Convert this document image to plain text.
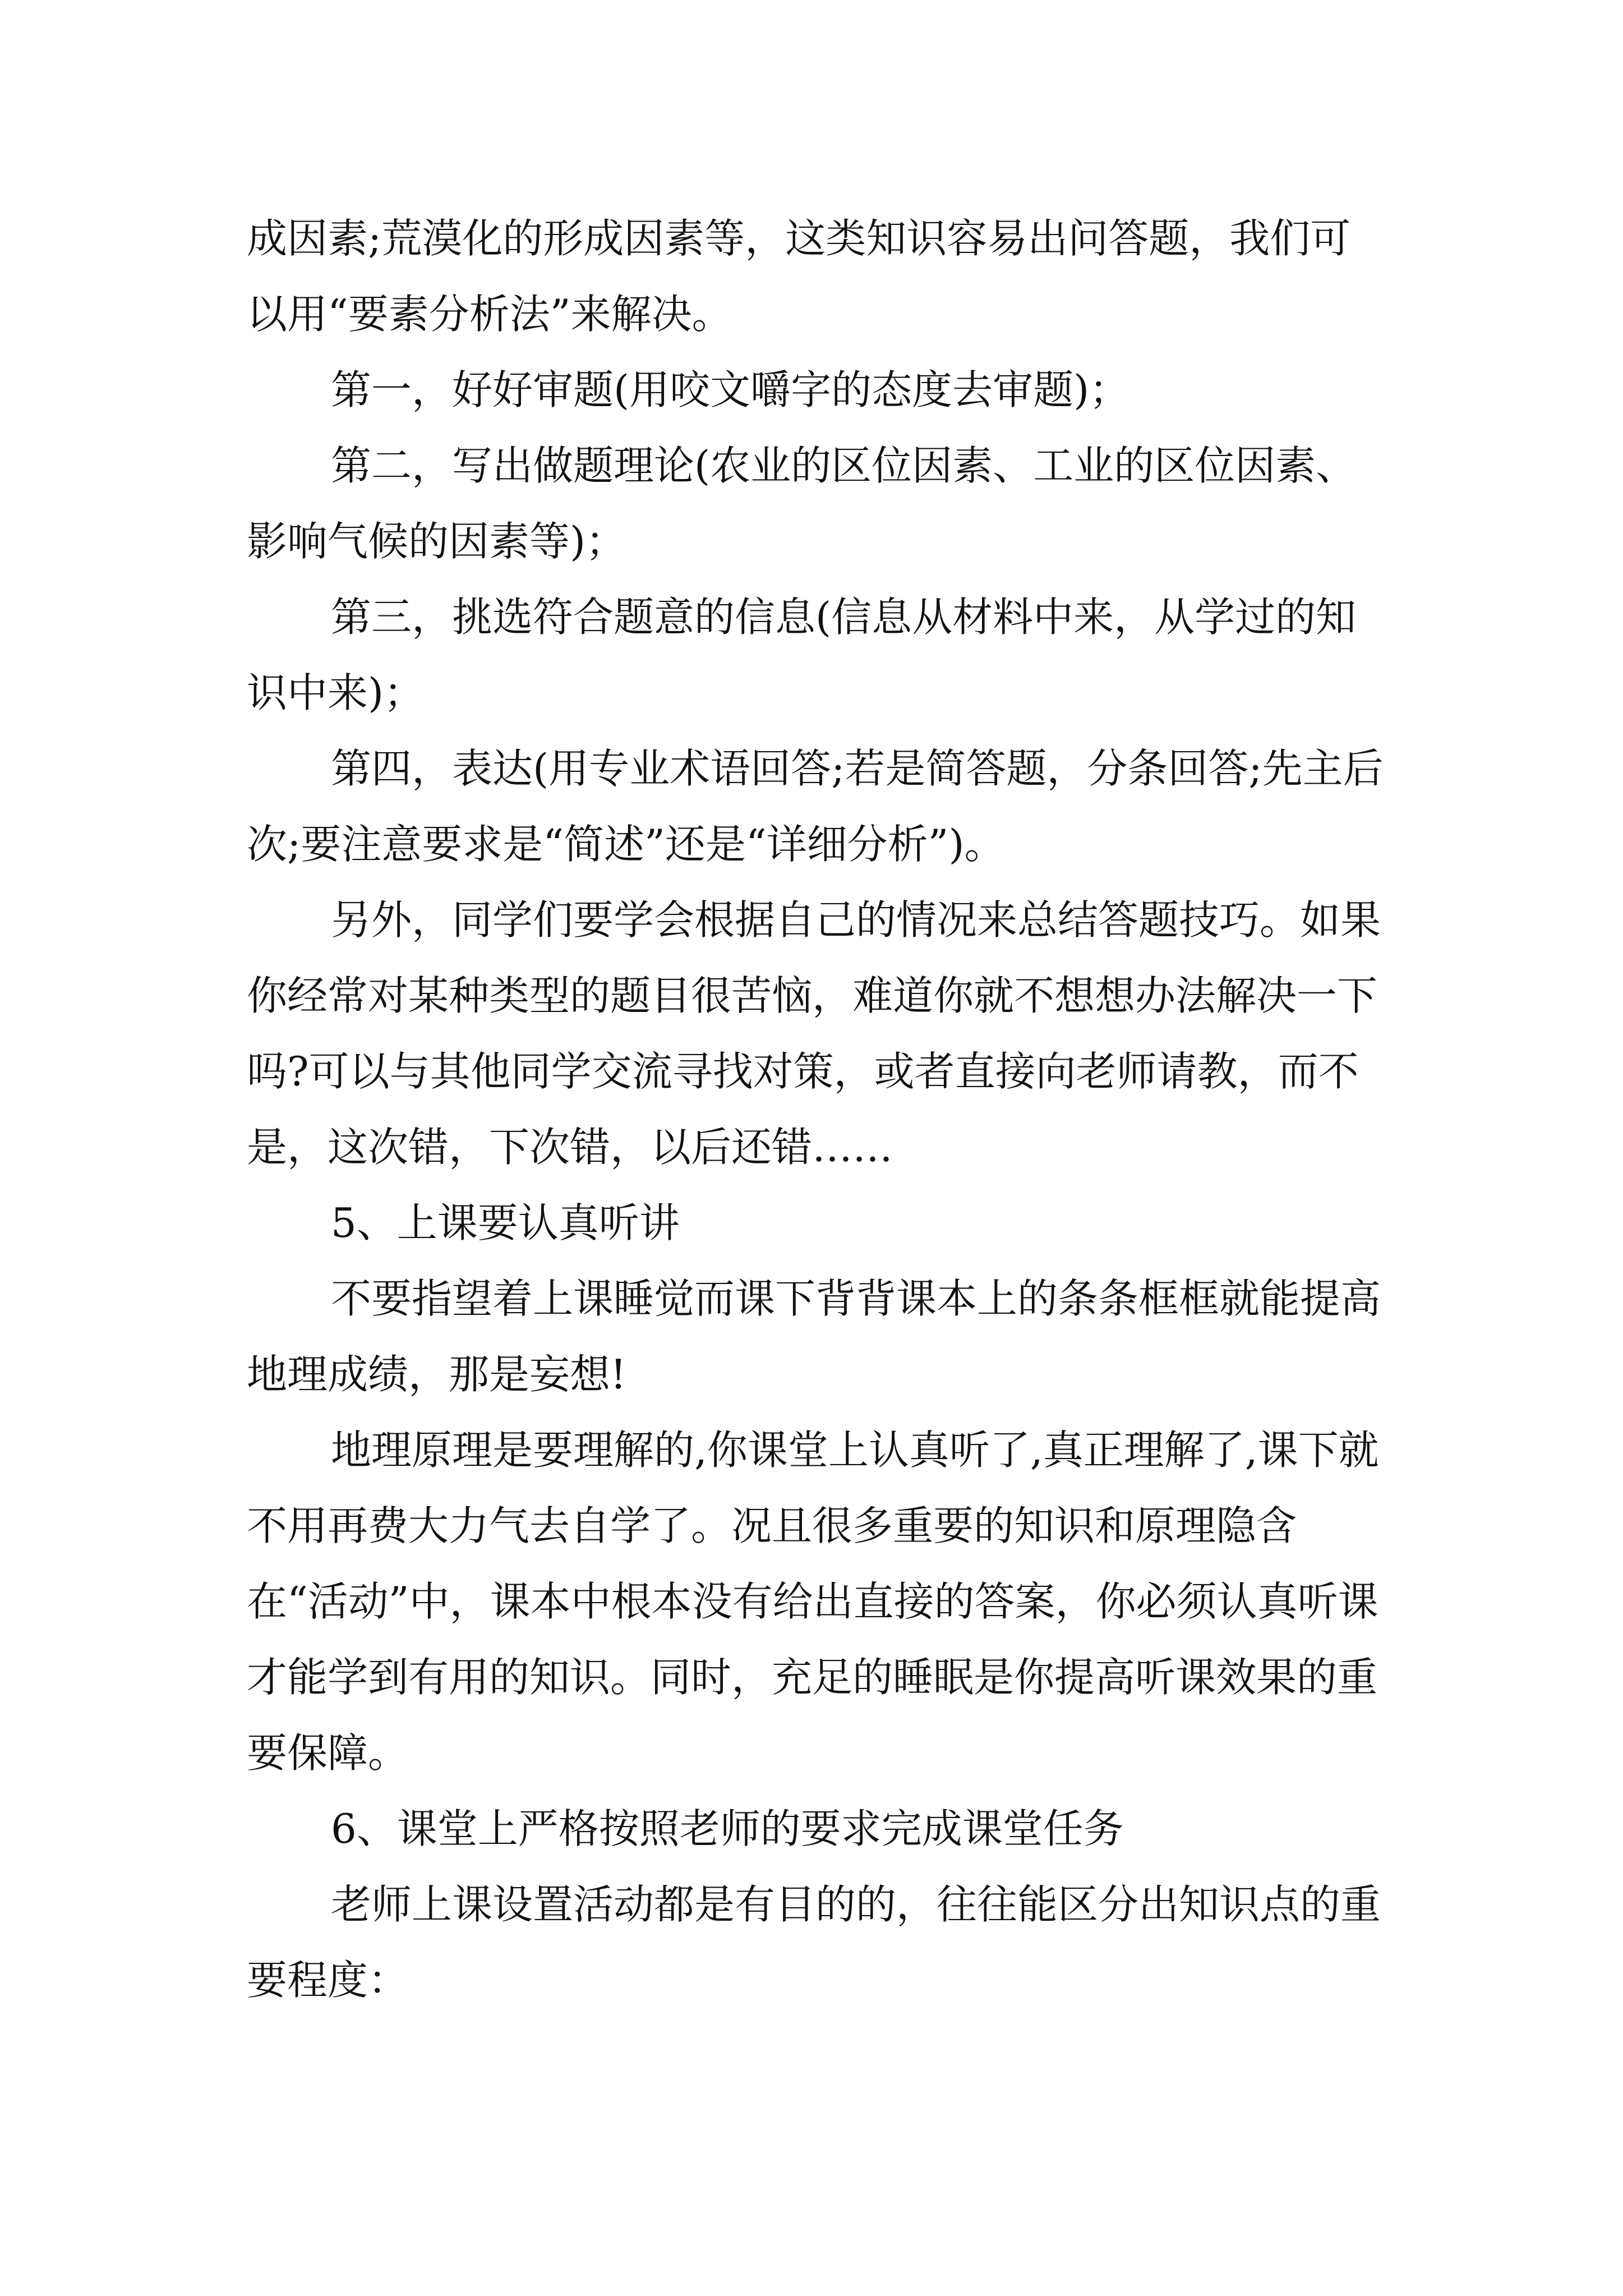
成因素;荒漠化的形成因素等，这类知识容易出问答题，我们可以用“要素分析法”来解决。

第一，好好审题(用咬文嚼字的态度去审题)；

第二，写出做题理论(农业的区位因素、工业的区位因素、影响气候的因素等)；

第三，挑选符合题意的信息(信息从材料中来，从学过的知识中来)；

第四，表达(用专业术语回答;若是简答题，分条回答;先主后次;要注意要求是“简述”还是“详细分析”)。

另外，同学们要学会根据自己的情况来总结答题技巧。如果你经常对某种类型的题目很苦恼，难道你就不想想办法解决一下吗?可以与其他同学交流寻找对策，或者直接向老师请教，而不是，这次错，下次错，以后还错……

5、上课要认真听讲

不要指望着上课睡觉而课下背背课本上的条条框框就能提高地理成绩，那是妄想!

地理原理是要理解的,你课堂上认真听了,真正理解了,课下就不用再费大力气去自学了。况且很多重要的知识和原理隐含在“活动”中，课本中根本没有给出直接的答案，你必须认真听课才能学到有用的知识。同时，充足的睡眠是你提高听课效果的重要保障。

6、课堂上严格按照老师的要求完成课堂任务

老师上课设置活动都是有目的的，往往能区分出知识点的重要程度：
